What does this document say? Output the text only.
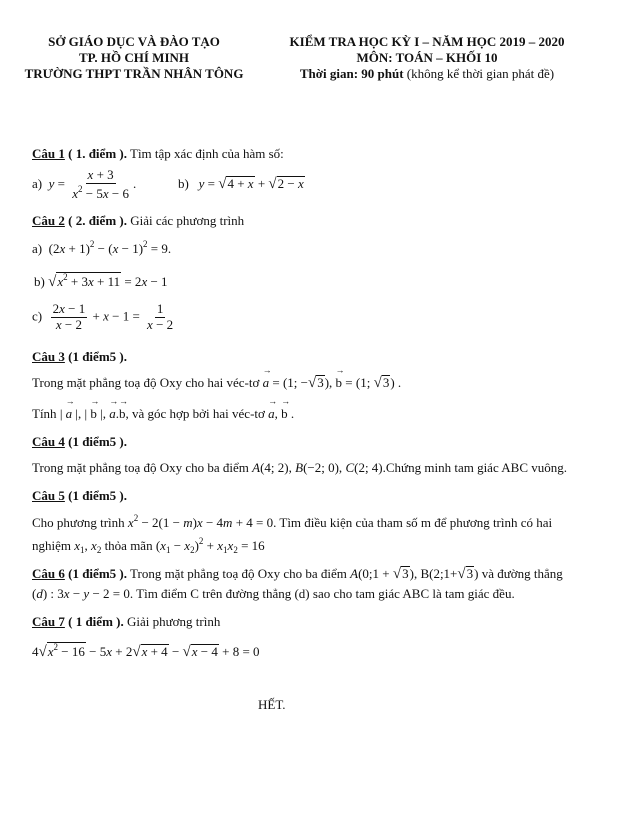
SỞ GIÁO DỤC VÀ ĐÀO TẠO
TP. HỒ CHÍ MINH
TRƯỜNG THPT TRẦN NHÂN TÔNG
KIỂM TRA HỌC KỲ I – NĂM HỌC 2019 – 2020
MÔN: TOÁN – KHỐI 10
Thời gian: 90 phút (không kể thời gian phát đề)
Câu 1 ( 1. điểm ). Tìm tập xác định của hàm số:
a) $y = \frac{x + 3}{x^2 - 5x - 6}$ .	b) y = √4 + x + √2 − x
Câu 2 ( 2. điểm ). Giải các phương trình
a)  $(2x + 1)^2 - (x - 1)^2 = 9$.
b) $√x^2 + 3x + 11 = 2x - 1$
$c) \frac{2x - 1}{x - 2} + x - 1 = \frac{1}{x - 2}$
Câu 3 (1 điểm5 ).
Trong mặt phẳng toạ độ Oxy cho hai véc-tơ → a = (1; −√3), → b = (1; √3) .
Tính | → a |, | → b |, → a.→ b, và góc hợp bởi hai véc-tơ → a, → b .
Câu 4 (1 điểm5 ).
Trong mặt phẳng toạ độ Oxy cho ba điểm A(4; 2), B(−2; 0), C(2; 4).Chứng minh tam giác ABC vuông.
Câu 5 (1 điểm5 ).
Cho phương trình $x^2 - 2(1 - m)x - 4m + 4 = 0$. Tìm điều kiện của tham số m để phương trình có hai
nghiệm $x_1$, $x_2$ thỏa mãn $(x_1 - x_2)^2 + x_1x_2 = 16$
Câu 6 (1 điểm5 ). Trong mặt phẳng toạ độ Oxy cho ba điểm A(0;1 + √3), B(2;1+√3) và đường thẳng
(d) : 3x − y − 2 = 0. Tìm điểm C trên đường thẳng (d) sao cho tam giác ABC là tam giác đều.
Câu 7 ( 1 điểm ). Giải phương trình
$4√x^2 - 16 - 5x + 2√x + 4 - √x - 4 + 8 = 0$
HẾT.
